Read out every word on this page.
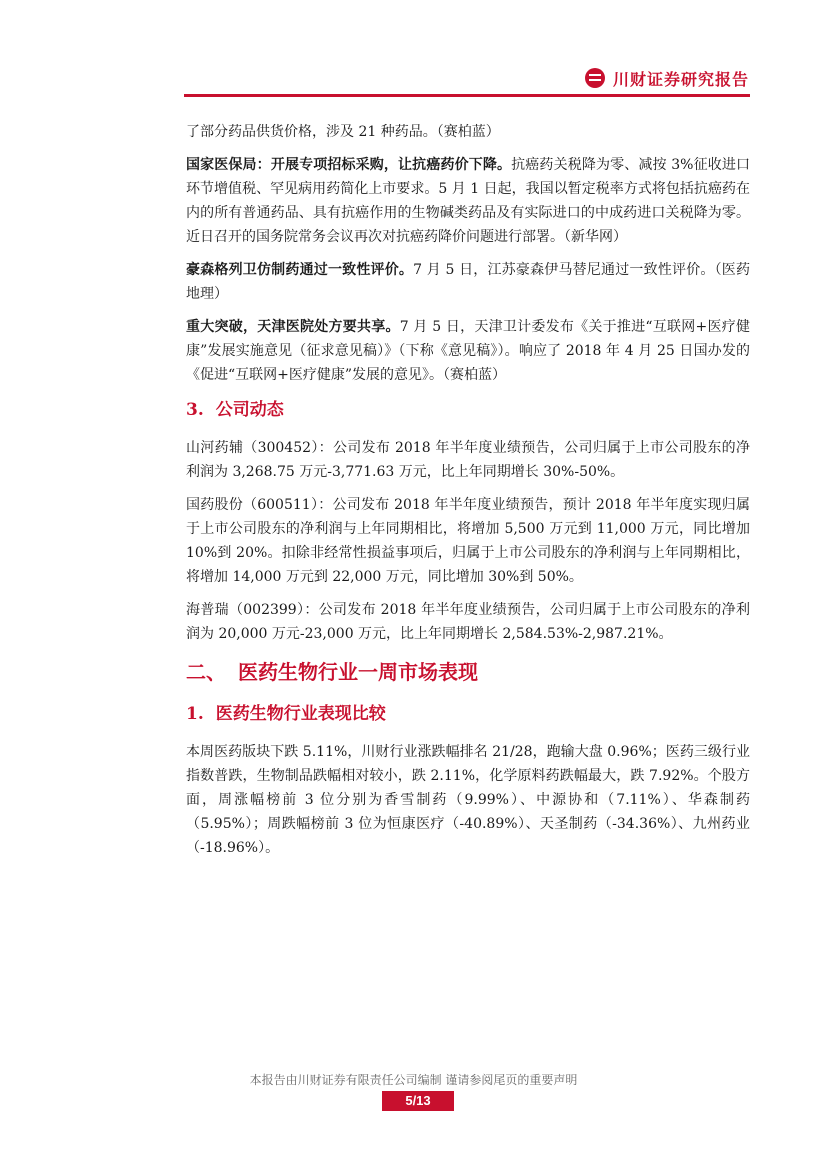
川财证券研究报告

了部分药品供货价格，涉及 21 种药品。（赛柏蓝）

国家医保局：开展专项招标采购，让抗癌药价下降。抗癌药关税降为零、减按 3%征收进口环节增值税、罕见病用药简化上市要求。5 月 1 日起，我国以暂定税率方式将包括抗癌药在内的所有普通药品、具有抗癌作用的生物碱类药品及有实际进口的中成药进口关税降为零。近日召开的国务院常务会议再次对抗癌药降价问题进行部署。（新华网）

豪森格列卫仿制药通过一致性评价。7 月 5 日，江苏豪森伊马替尼通过一致性评价。（医药地理）

重大突破，天津医院处方要共享。7 月 5 日，天津卫计委发布《关于推进“互联网+医疗健康”发展实施意见（征求意见稿）》（下称《意见稿》）。响应了 2018 年 4 月 25 日国办发的《促进“互联网+医疗健康”发展的意见》。（赛柏蓝）

3. 公司动态

山河药辅（300452）：公司发布 2018 年半年度业绩预告，公司归属于上市公司股东的净利润为 3,268.75 万元-3,771.63 万元，比上年同期增长 30%-50%。

国药股份（600511）：公司发布 2018 年半年度业绩预告，预计 2018 年半年度实现归属于上市公司股东的净利润与上年同期相比，将增加 5,500 万元到 11,000 万元，同比增加 10%到 20%。扣除非经常性损益事项后，归属于上市公司股东的净利润与上年同期相比，将增加 14,000 万元到 22,000 万元，同比增加 30%到 50%。

海普瑞（002399）：公司发布 2018 年半年度业绩预告，公司归属于上市公司股东的净利润为 20,000 万元-23,000 万元，比上年同期增长 2,584.53%-2,987.21%。

二、 医药生物行业一周市场表现
1. 医药生物行业表现比较

本周医药版块下跌 5.11%，川财行业涨跌幅排名 21/28，跑输大盘 0.96%；医药三级行业指数普跌，生物制品跌幅相对较小，跌 2.11%，化学原料药跌幅最大，跌 7.92%。个股方面，周涨幅榜前 3 位分别为香雪制药（9.99%）、中源协和（7.11%）、华森制药（5.95%）；周跌幅榜前 3 位为恒康医疗（-40.89%）、天圣制药（-34.36%）、九州药业（-18.96%）。

本报告由川财证券有限责任公司编制 谨请参阅尾页的重要声明
5/13
